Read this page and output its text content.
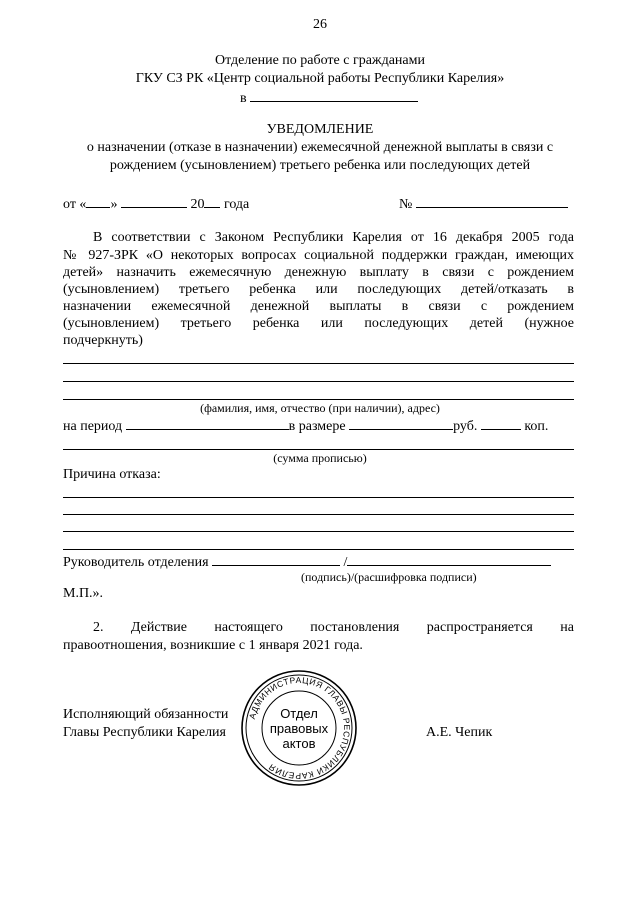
26
Отделение по работе с гражданами
ГКУ СЗ РК «Центр социальной работы Республики Карелия»
в
УВЕДОМЛЕНИЕ
о назначении (отказе в назначении) ежемесячной денежной выплаты в связи с
рождением (усыновлением) третьего ребенка или последующих детей
от « »	20 года	№
В соответствии с Законом Республики Карелия от 16 декабря 2005 года
№ 927-ЗРК «О некоторых вопросах социальной поддержки граждан, имеющих
детей» назначить ежемесячную денежную выплату в связи с рождением
(усыновлением) третьего ребенка или последующих детей/отказать в
назначении ежемесячной денежной выплаты в связи с рождением
(усыновлением) третьего ребенка или последующих детей (нужное
подчеркнуть)
(фамилия, имя, отчество (при наличии), адрес)
на период	в размере	руб.	коп.
(сумма прописью)
Причина отказа:
Руководитель отделения	/
(подпись)/(расшифровка подписи)
М.П.».
2. Действие настоящего постановления распространяется на
правоотношения, возникшие с 1 января 2021 года.
Исполняющий обязанности
Главы Республики Карелия	А.Е. Чепик
АДМИНИСТРАЦИЯ ГЛАВЫ РЕСПУБЛИКИ КАРЕЛИЯ
Отдел
правовых
актов
